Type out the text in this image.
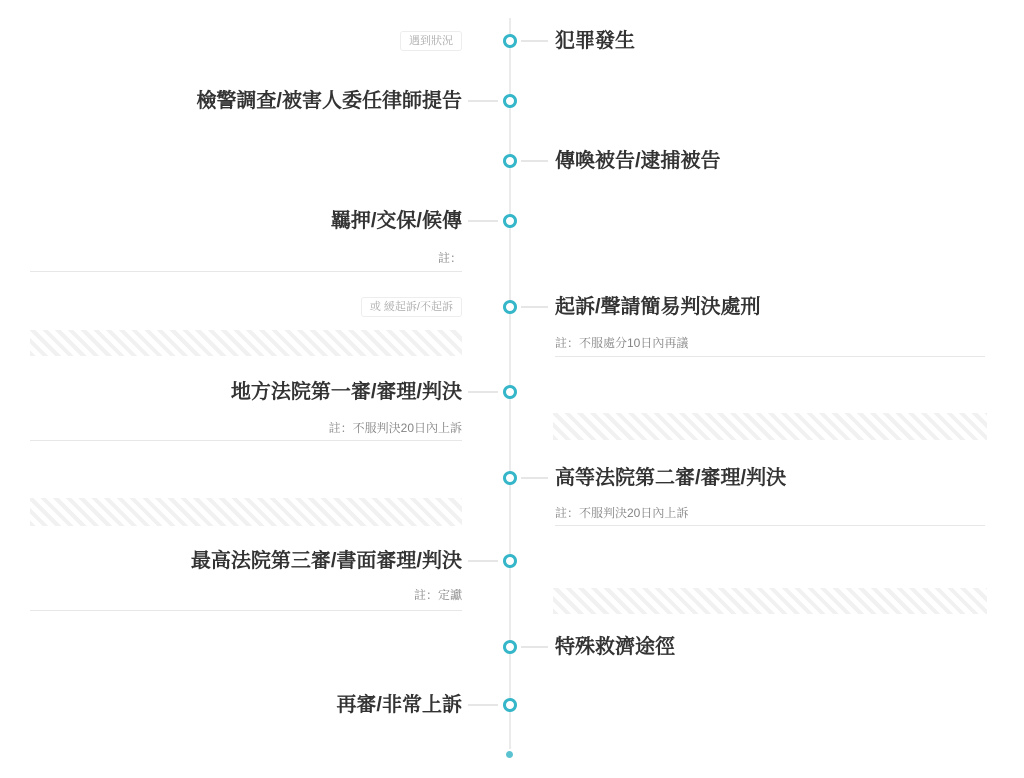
遇到狀況	犯罪發生
檢警調查/被害人委任律師提告
傳喚被告/逮捕被告
羈押/交保/候傳
註：
或 緩起訴/不起訴	起訴/聲請簡易判決處刑
註：不服處分10日內再議
地方法院第一審/審理/判決
註：不服判決20日內上訴
高等法院第二審/審理/判決
註：不服判決20日內上訴
最高法院第三審/書面審理/判決
註：定讞
特殊救濟途徑
再審/非常上訴
